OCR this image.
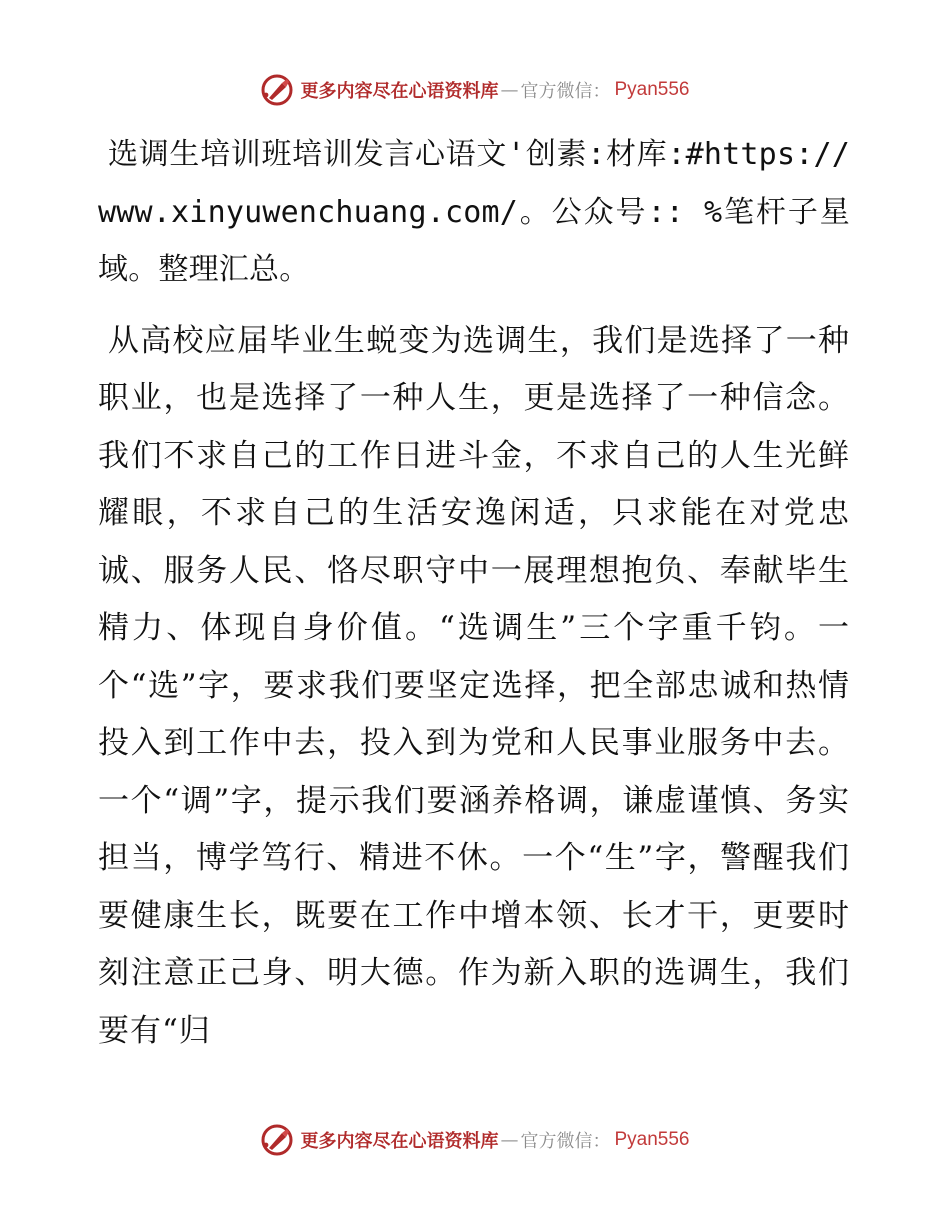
更多内容尽在心语资料库 — 官方微信： Pyan556

选调生培训班培训发言心语文'创素:材库:#https://www.xinyuwenchuang.com/。公众号:: %笔杆子星域。整理汇总。

从高校应届毕业生蜕变为选调生，我们是选择了一种职业，也是选择了一种人生，更是选择了一种信念。我们不求自己的工作日进斗金，不求自己的人生光鲜耀眼，不求自己的生活安逸闲适，只求能在对党忠诚、服务人民、恪尽职守中一展理想抱负、奉献毕生精力、体现自身价值。“选调生”三个字重千钧。一个“选”字，要求我们要坚定选择，把全部忠诚和热情投入到工作中去，投入到为党和人民事业服务中去。一个“调”字，提示我们要涵养格调，谦虚谨慎、务实担当，博学笃行、精进不休。一个“生”字，警醒我们要健康生长，既要在工作中增本领、长才干，更要时刻注意正己身、明大德。作为新入职的选调生，我们要有“归

更多内容尽在心语资料库 — 官方微信： Pyan556
